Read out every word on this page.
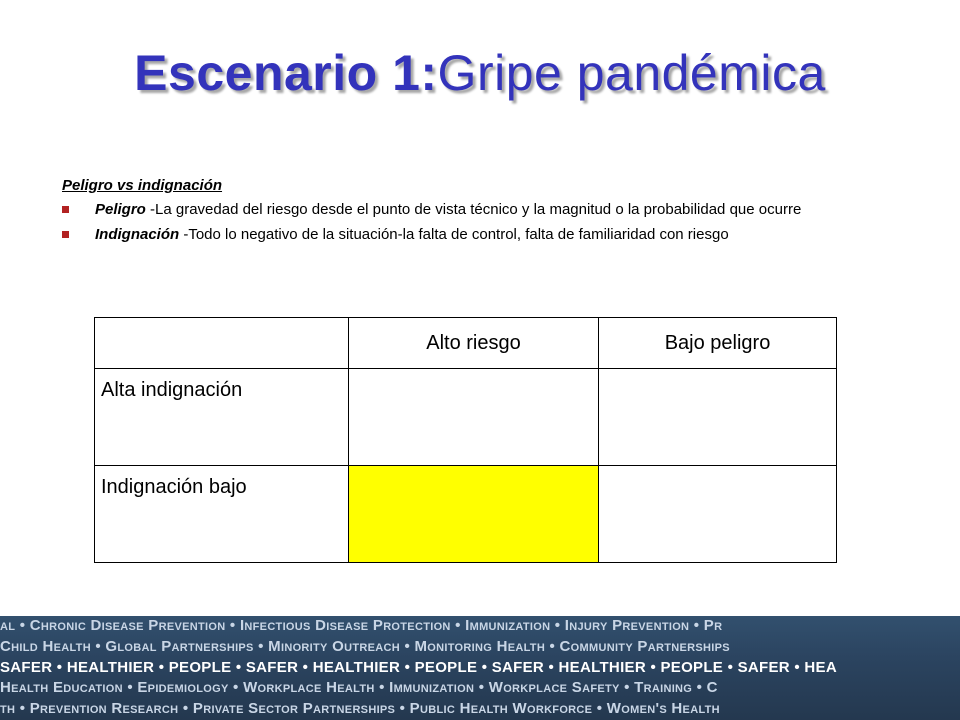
Escenario 1:Gripe pandémica
Peligro vs indignación
Peligro -La gravedad del riesgo desde el punto de vista técnico y la magnitud o la probabilidad que ocurre
Indignación -Todo lo negativo de la situación-la falta de control, falta de familiaridad con riesgo
	Alto riesgo	Bajo peligro
Alta indignación		
Indignación bajo		
al • Chronic Disease Prevention • Infectious Disease Protection • Immunization • Injury Prevention • Pr
Child Health • Global Partnerships • Minority Outreach • Monitoring Health • Community Partnerships
SAFER • HEALTHIER • PEOPLE • SAFER • HEALTHIER • PEOPLE • SAFER • HEALTHIER • PEOPLE • SAFER • HEA
Health Education • Epidemiology • Workplace Health • Immunization • Workplace Safety • Training • C
th • Prevention Research • Private Sector Partnerships • Public Health Workforce • Women's Health
